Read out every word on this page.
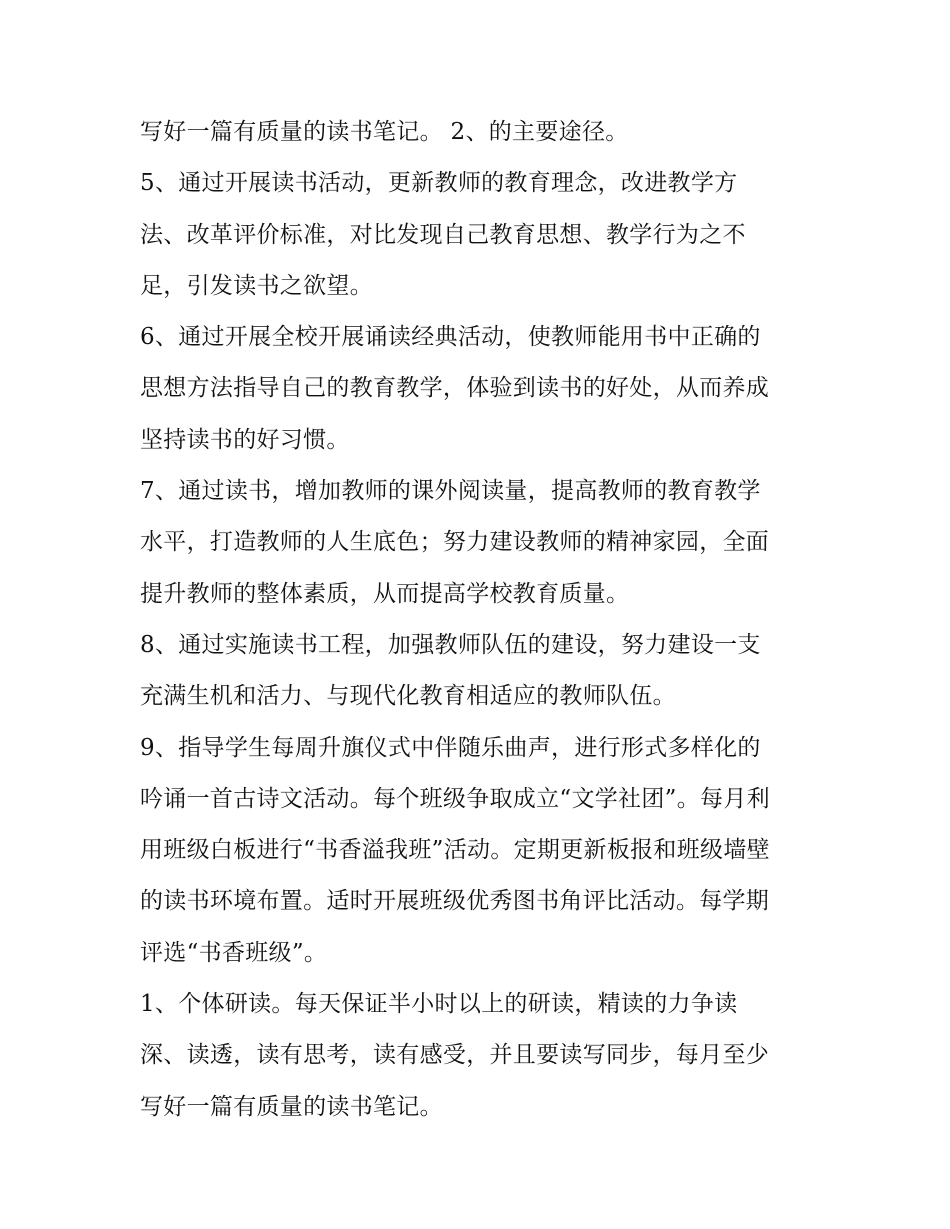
写好一篇有质量的读书笔记。 2、的主要途径。
5、通过开展读书活动，更新教师的教育理念，改进教学方
法、改革评价标准，对比发现自己教育思想、教学行为之不
足，引发读书之欲望。
6、通过开展全校开展诵读经典活动，使教师能用书中正确的
思想方法指导自己的教育教学，体验到读书的好处，从而养成
坚持读书的好习惯。
7、通过读书，增加教师的课外阅读量，提高教师的教育教学
水平，打造教师的人生底色；努力建设教师的精神家园，全面
提升教师的整体素质，从而提高学校教育质量。
8、通过实施读书工程，加强教师队伍的建设，努力建设一支
充满生机和活力、与现代化教育相适应的教师队伍。
9、指导学生每周升旗仪式中伴随乐曲声，进行形式多样化的
吟诵一首古诗文活动。每个班级争取成立“文学社团”。每月利
用班级白板进行“书香溢我班”活动。定期更新板报和班级墙壁
的读书环境布置。适时开展班级优秀图书角评比活动。每学期
评选“书香班级”。
1、个体研读。每天保证半小时以上的研读，精读的力争读
深、读透，读有思考，读有感受，并且要读写同步，每月至少
写好一篇有质量的读书笔记。
